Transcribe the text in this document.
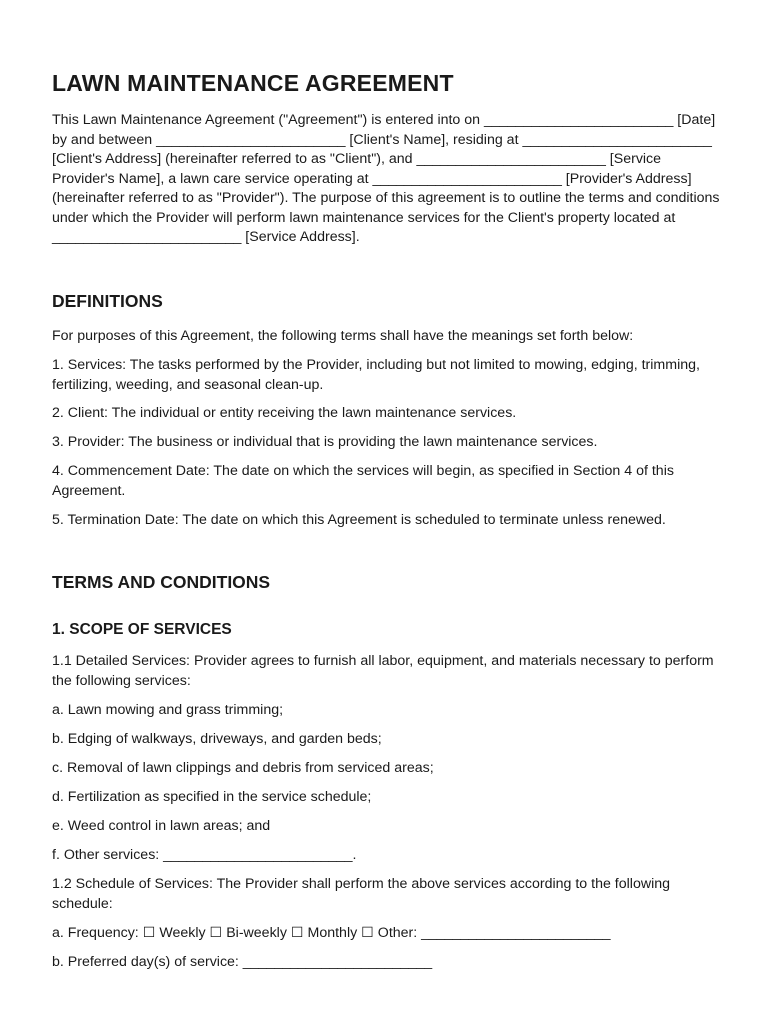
LAWN MAINTENANCE AGREEMENT

This Lawn Maintenance Agreement ("Agreement") is entered into on ________________________ [Date] by and between ________________________ [Client's Name], residing at ________________________ [Client's Address] (hereinafter referred to as "Client"), and ________________________ [Service Provider's Name], a lawn care service operating at ________________________ [Provider's Address] (hereinafter referred to as "Provider"). The purpose of this agreement is to outline the terms and conditions under which the Provider will perform lawn maintenance services for the Client's property located at ________________________ [Service Address].

DEFINITIONS

For purposes of this Agreement, the following terms shall have the meanings set forth below:

1. Services: The tasks performed by the Provider, including but not limited to mowing, edging, trimming, fertilizing, weeding, and seasonal clean-up.

2. Client: The individual or entity receiving the lawn maintenance services.

3. Provider: The business or individual that is providing the lawn maintenance services.

4. Commencement Date: The date on which the services will begin, as specified in Section 4 of this Agreement.

5. Termination Date: The date on which this Agreement is scheduled to terminate unless renewed.

TERMS AND CONDITIONS
1. SCOPE OF SERVICES

1.1 Detailed Services: Provider agrees to furnish all labor, equipment, and materials necessary to perform the following services:

a. Lawn mowing and grass trimming;

b. Edging of walkways, driveways, and garden beds;

c. Removal of lawn clippings and debris from serviced areas;

d. Fertilization as specified in the service schedule;

e. Weed control in lawn areas; and

f. Other services: ________________________.

1.2 Schedule of Services: The Provider shall perform the above services according to the following schedule:

a. Frequency: ☐ Weekly ☐ Bi-weekly ☐ Monthly ☐ Other: ________________________

b. Preferred day(s) of service: ________________________
